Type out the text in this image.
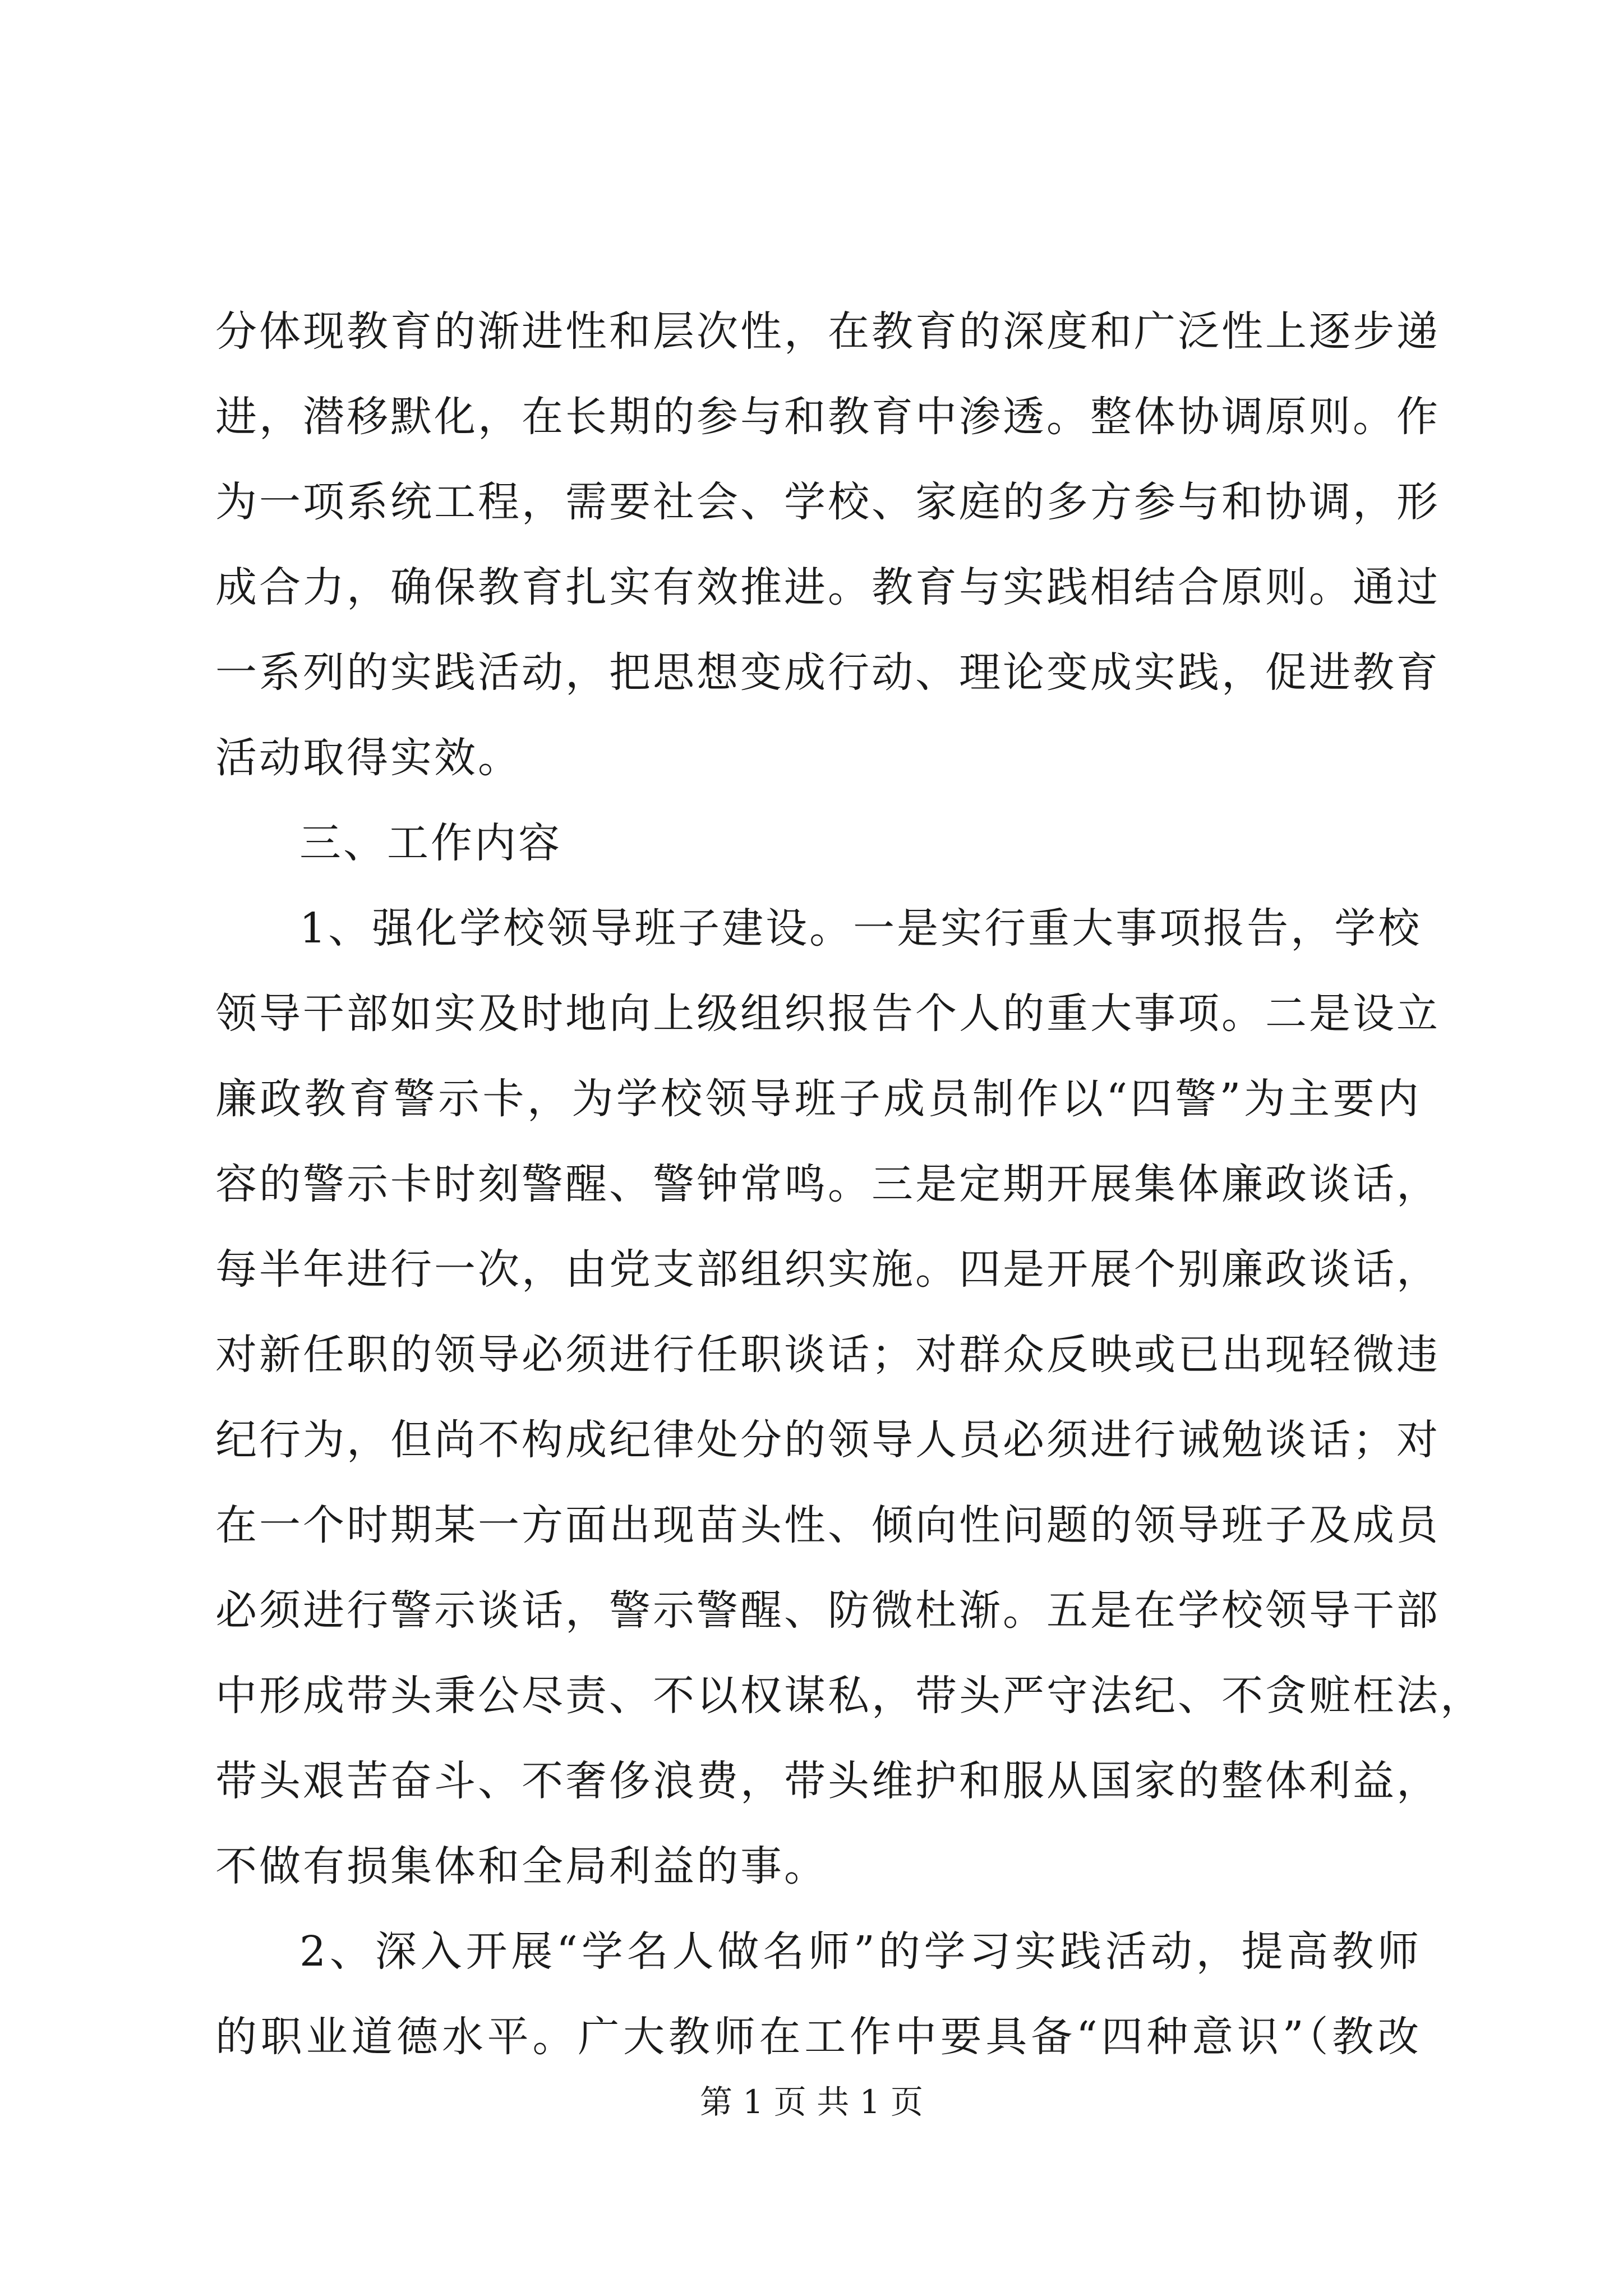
分体现教育的渐进性和层次性，在教育的深度和广泛性上逐步递
进，潜移默化，在长期的参与和教育中渗透。整体协调原则。作
为一项系统工程，需要社会、学校、家庭的多方参与和协调，形
成合力，确保教育扎实有效推进。教育与实践相结合原则。通过
一系列的实践活动，把思想变成行动、理论变成实践，促进教育
活动取得实效。
三、工作内容
1、强化学校领导班子建设。一是实行重大事项报告，学校
领导干部如实及时地向上级组织报告个人的重大事项。二是设立
廉政教育警示卡，为学校领导班子成员制作以“四警”为主要内
容的警示卡时刻警醒、警钟常鸣。三是定期开展集体廉政谈话，
每半年进行一次，由党支部组织实施。四是开展个别廉政谈话，
对新任职的领导必须进行任职谈话；对群众反映或已出现轻微违
纪行为，但尚不构成纪律处分的领导人员必须进行诫勉谈话；对
在一个时期某一方面出现苗头性、倾向性问题的领导班子及成员
必须进行警示谈话，警示警醒、防微杜渐。五是在学校领导干部
中形成带头秉公尽责、不以权谋私，带头严守法纪、不贪赃枉法，
带头艰苦奋斗、不奢侈浪费，带头维护和服从国家的整体利益，
不做有损集体和全局利益的事。
2、深入开展“学名人做名师”的学习实践活动，提高教师
的职业道德水平。广大教师在工作中要具备“四种意识”（教改
第 1 页 共 1 页
